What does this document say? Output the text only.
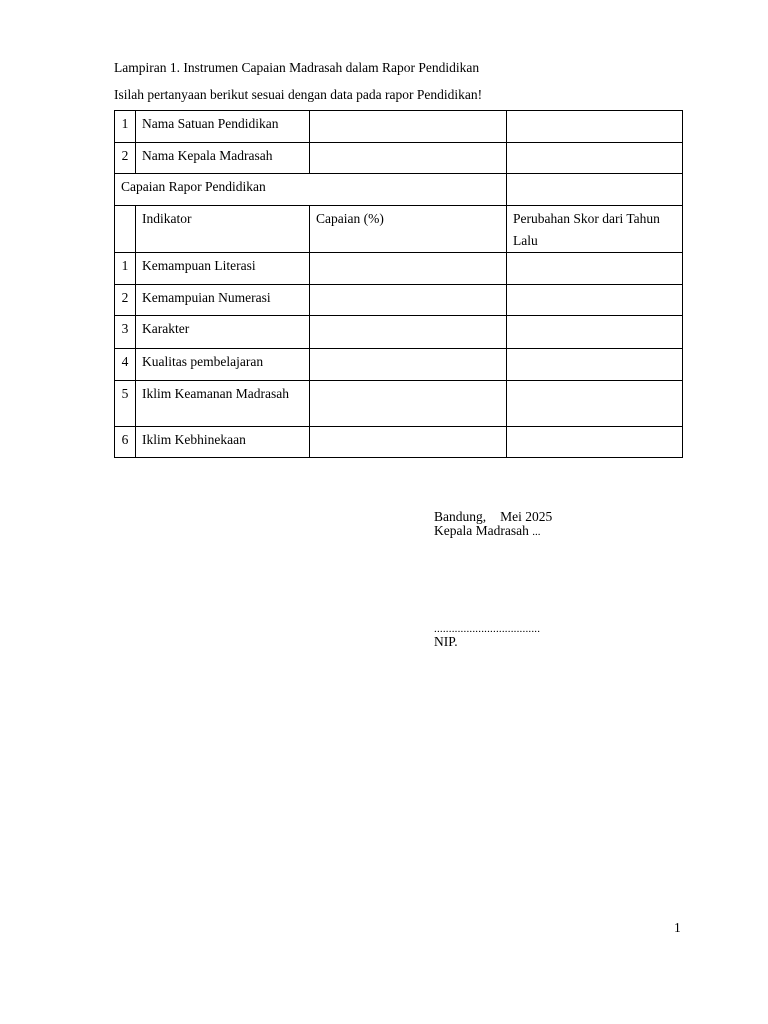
Lampiran 1. Instrumen Capaian Madrasah dalam Rapor Pendidikan
Isilah pertanyaan berikut sesuai dengan data pada rapor Pendidikan!
1	Nama Satuan Pendidikan		
2	Nama Kepala Madrasah		
Capaian Rapor Pendidikan			
	Indikator	Capaian (%)	Perubahan Skor dari Tahun Lalu
1	Kemampuan Literasi		
2	Kemampuian Numerasi		
3	Karakter		
4	Kualitas pembelajaran		
5	Iklim Keamanan Madrasah		
6	Iklim Kebhinekaan		
Bandung, Mei 2025
Kepala Madrasah ...
....................................
NIP.
1
